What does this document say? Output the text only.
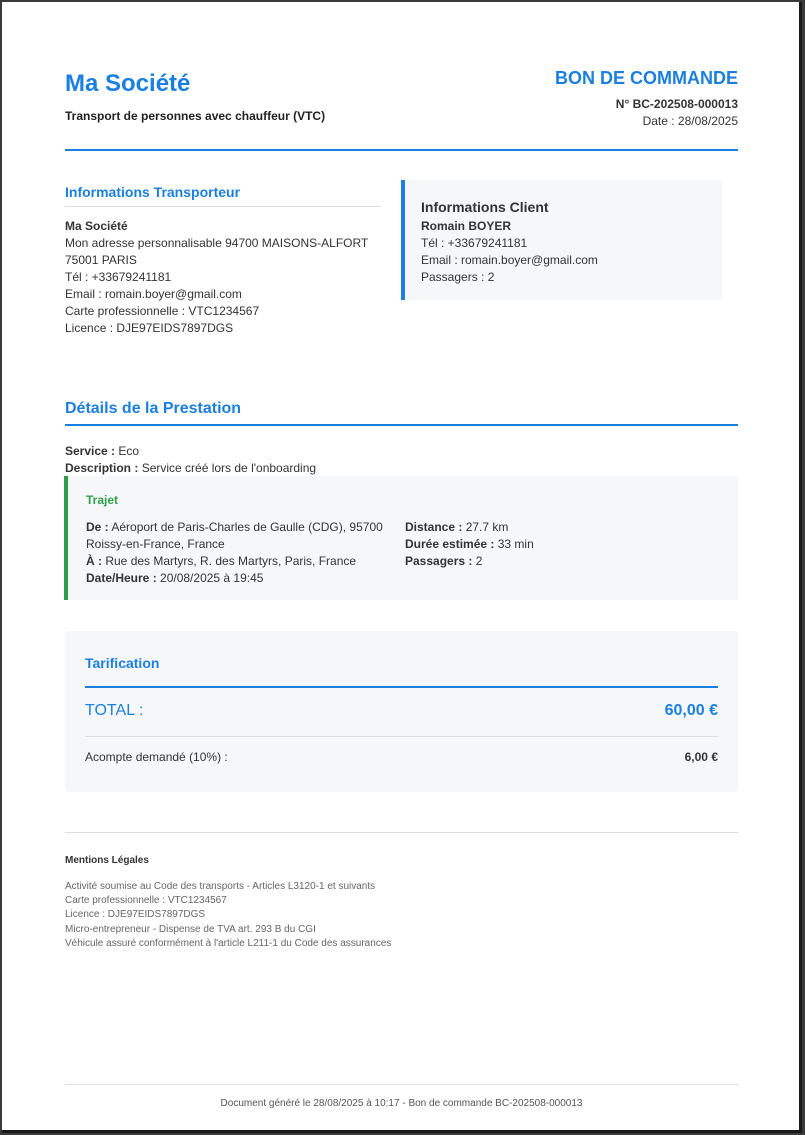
Ma Société
Transport de personnes avec chauffeur (VTC)
BON DE COMMANDE
N° BC-202508-000013
Date : 28/08/2025
Informations Transporteur
Ma Société
Mon adresse personnalisable 94700 MAISONS-ALFORT
75001 PARIS
Tél : +33679241181
Email : romain.boyer@gmail.com
Carte professionnelle : VTC1234567
Licence : DJE97EIDS7897DGS
Informations Client
Romain BOYER
Tél : +33679241181
Email : romain.boyer@gmail.com
Passagers : 2
Détails de la Prestation
Service : Eco
Description : Service créé lors de l'onboarding
Trajet
De : Aéroport de Paris-Charles de Gaulle (CDG), 95700 Roissy-en-France, France
À : Rue des Martyrs, R. des Martyrs, Paris, France
Date/Heure : 20/08/2025 à 19:45
Distance : 27.7 km
Durée estimée : 33 min
Passagers : 2
Tarification
TOTAL :	60,00 €
Acompte demandé (10%) :	6,00 €
Mentions Légales
Activité soumise au Code des transports - Articles L3120-1 et suivants
Carte professionnelle : VTC1234567
Licence : DJE97EIDS7897DGS
Micro-entrepreneur - Dispense de TVA art. 293 B du CGI
Véhicule assuré conformément à l'article L211-1 du Code des assurances
Document généré le 28/08/2025 à 10:17 - Bon de commande BC-202508-000013
